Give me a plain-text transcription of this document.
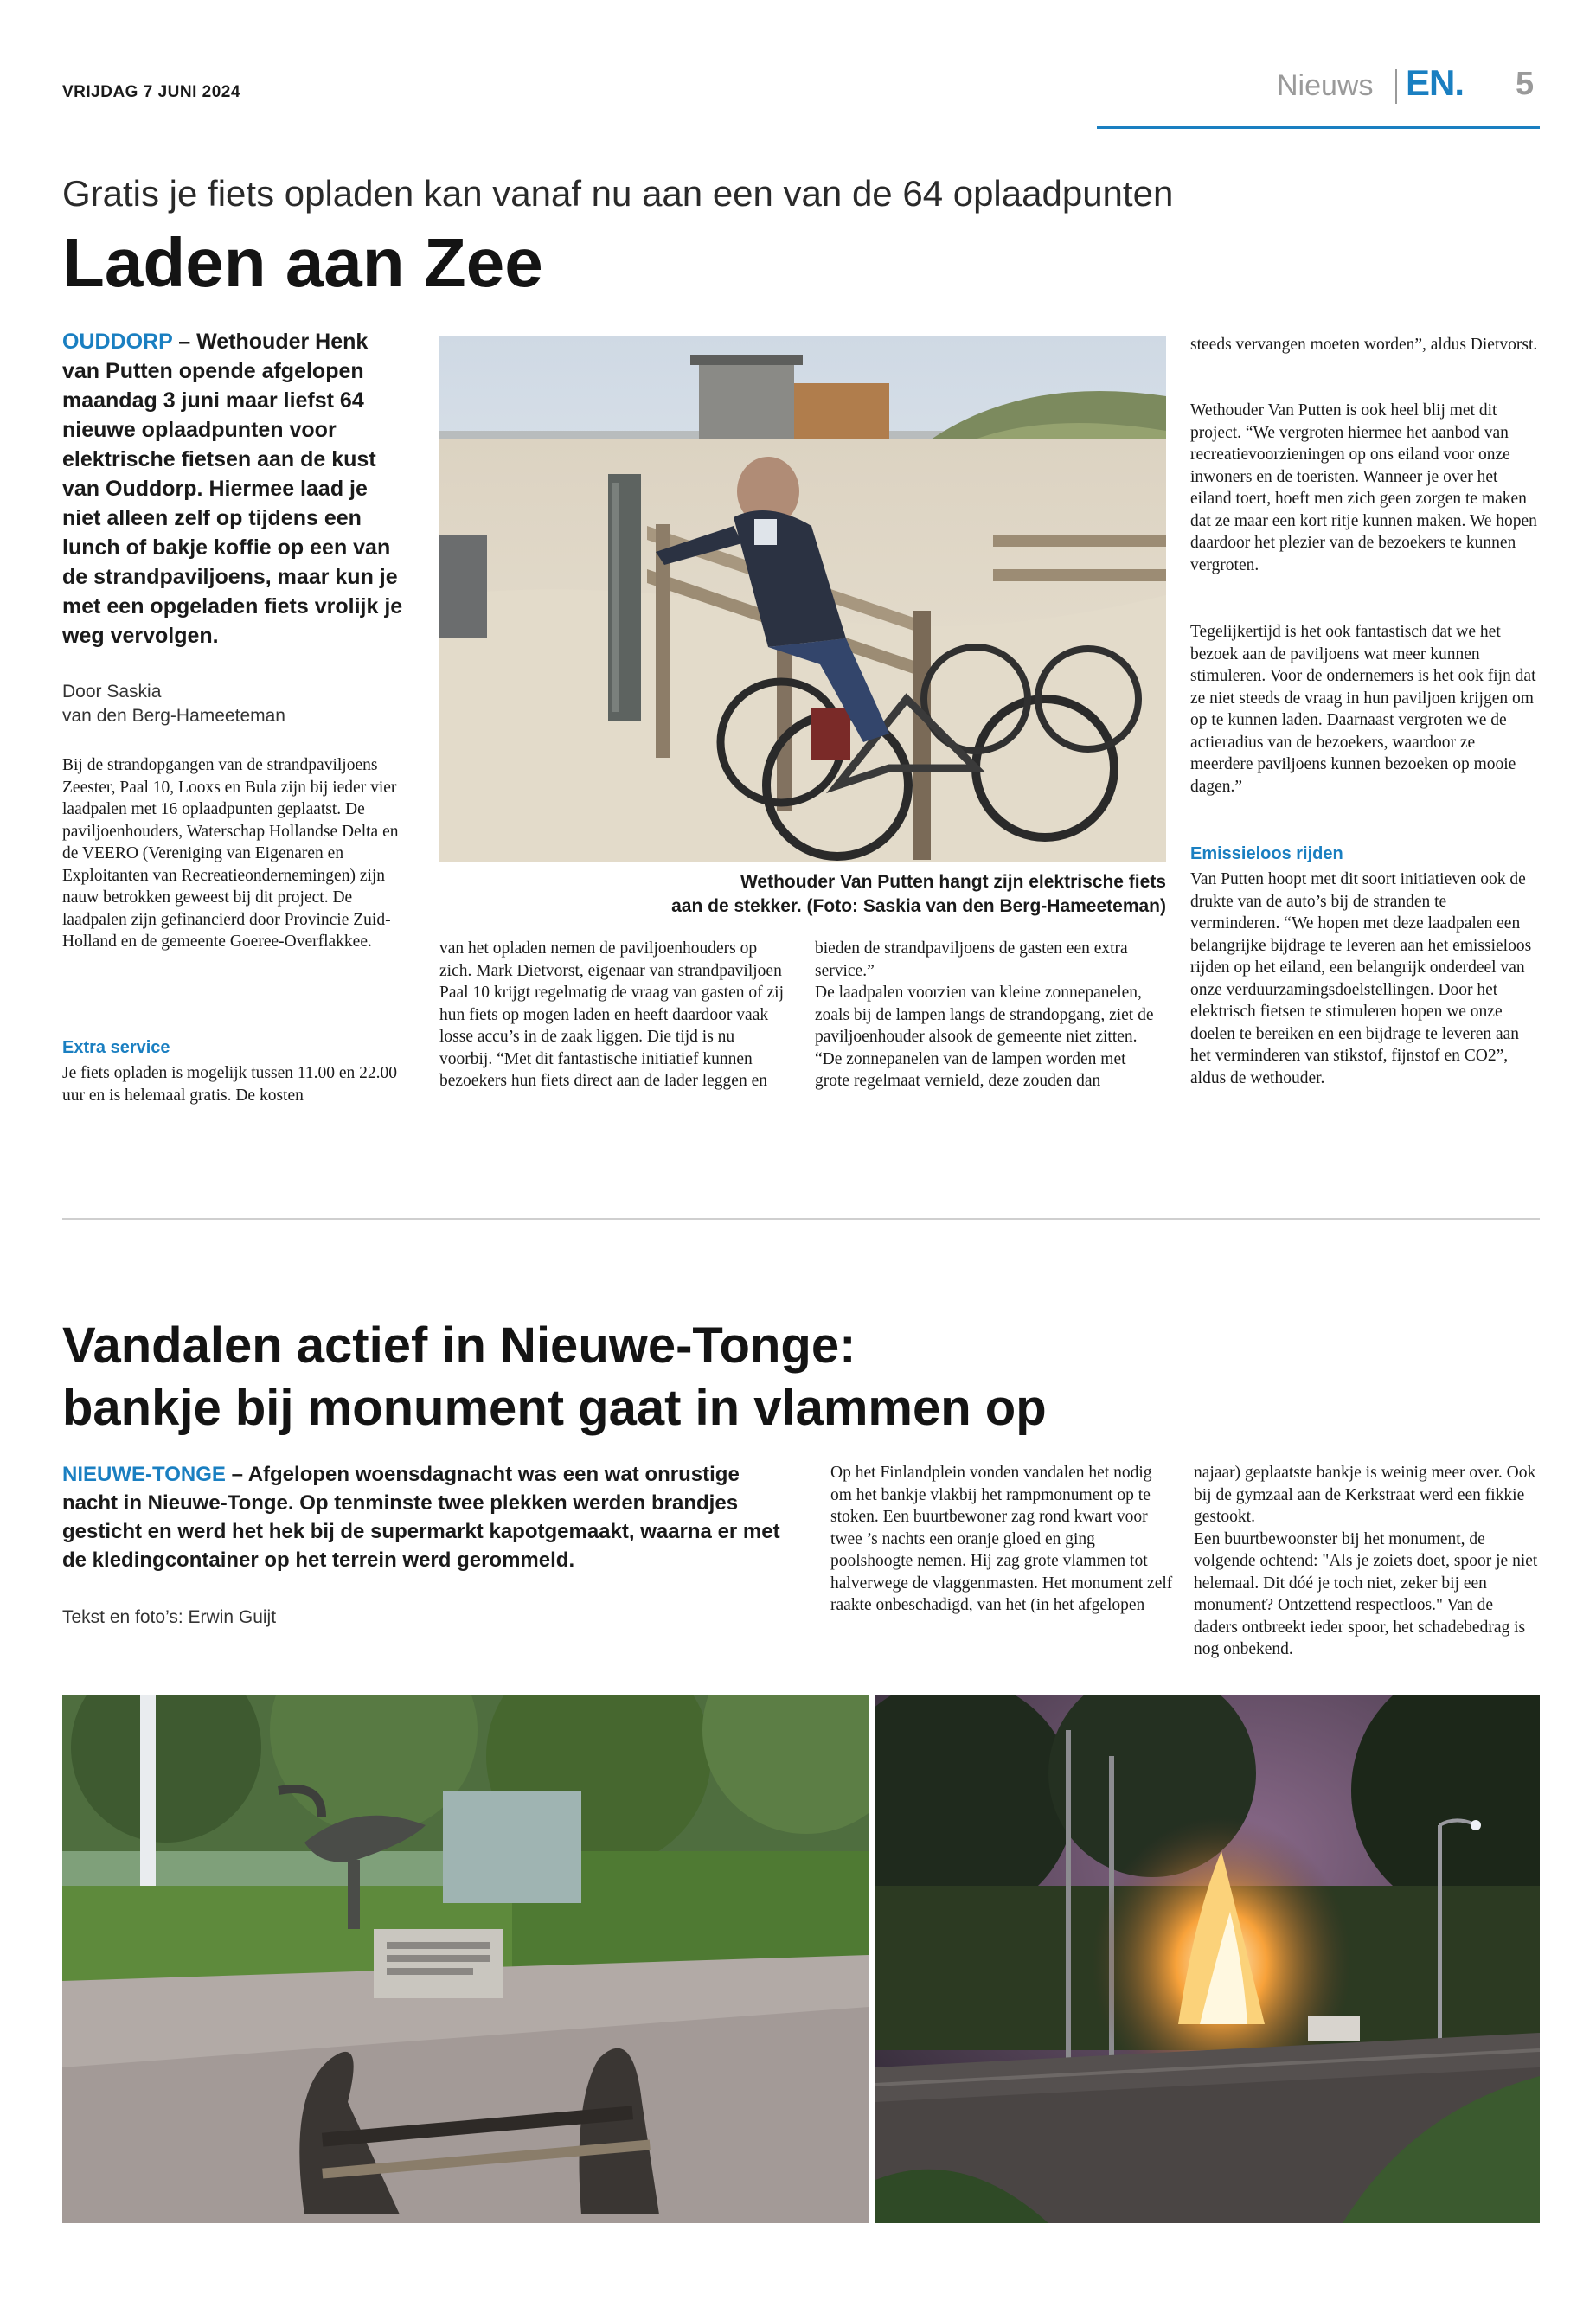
VRIJDAG 7 JUNI 2024	Nieuws EN. 5
Gratis je fiets opladen kan vanaf nu aan een van de 64 oplaadpunten
Laden aan Zee
OUDDORP – Wethouder Henk van Putten opende afgelopen maandag 3 juni maar liefst 64 nieuwe oplaadpunten voor elektrische fietsen aan de kust van Ouddorp. Hiermee laad je niet alleen zelf op tijdens een lunch of bakje koffie op een van de strandpaviljoens, maar kun je met een opgeladen fiets vrolijk je weg vervolgen.
Door Saskia
van den Berg-Hameeteman
Bij de strandopgangen van de strandpaviljoens Zeester, Paal 10, Looxs en Bula zijn bij ieder vier laadpalen met 16 oplaadpunten geplaatst. De paviljoenhouders, Waterschap Hollandse Delta en de VEERO (Vereniging van Eigenaren en Exploitanten van Recreatieondernemingen) zijn nauw betrokken geweest bij dit project. De laadpalen zijn gefinancierd door Provincie Zuid-Holland en de gemeente Goeree-Overflakkee.
Extra service
Je fiets opladen is mogelijk tussen 11.00 en 22.00 uur en is helemaal gratis. De kosten
Wethouder Van Putten hangt zijn elektrische fiets
aan de stekker. (Foto: Saskia van den Berg-Hameeteman)
van het opladen nemen de paviljoenhouders op zich. Mark Dietvorst, eigenaar van strandpaviljoen Paal 10 krijgt regelmatig de vraag van gasten of zij hun fiets op mogen laden en heeft daardoor vaak losse accu’s in de zaak liggen. Die tijd is nu voorbij. “Met dit fantastische initiatief kunnen bezoekers hun fiets direct aan de lader leggen en
bieden de strandpaviljoens de gasten een extra service.”
De laadpalen voorzien van kleine zonnepanelen, zoals bij de lampen langs de strandopgang, ziet de paviljoenhouder alsook de gemeente niet zitten. “De zonnepanelen van de lampen worden met grote regelmaat vernield, deze zouden dan
steeds vervangen moeten worden”, aldus Dietvorst.
Wethouder Van Putten is ook heel blij met dit project. “We vergroten hiermee het aanbod van recreatievoorzieningen op ons eiland voor onze inwoners en de toeristen. Wanneer je over het eiland toert, hoeft men zich geen zorgen te maken dat ze maar een kort ritje kunnen maken. We hopen daardoor het plezier van de bezoekers te kunnen vergroten.
Tegelijkertijd is het ook fantastisch dat we het bezoek aan de paviljoens wat meer kunnen stimuleren. Voor de ondernemers is het ook fijn dat ze niet steeds de vraag in hun paviljoen krijgen om op te kunnen laden. Daarnaast vergroten we de actieradius van de bezoekers, waardoor ze meerdere paviljoens kunnen bezoeken op mooie dagen.”
Emissieloos rijden
Van Putten hoopt met dit soort initiatieven ook de drukte van de auto’s bij de stranden te verminderen. “We hopen met deze laadpalen een belangrijke bijdrage te leveren aan het emissieloos rijden op het eiland, een belangrijk onderdeel van onze verduurzamingsdoelstellingen. Door het elektrisch fietsen te stimuleren hopen we onze doelen te bereiken en een bijdrage te leveren aan het verminderen van stikstof, fijnstof en CO2”, aldus de wethouder.
Vandalen actief in Nieuwe-Tonge:
bankje bij monument gaat in vlammen op
NIEUWE-TONGE – Afgelopen woensdagnacht was een wat onrustige nacht in Nieuwe-Tonge. Op tenminste twee plekken werden brandjes gesticht en werd het hek bij de supermarkt kapotgemaakt, waarna er met de kledingcontainer op het terrein werd gerommeld.
Tekst en foto’s: Erwin Guijt
Op het Finlandplein vonden vandalen het nodig om het bankje vlakbij het rampmonument op te stoken. Een buurtbewoner zag rond kwart voor twee ’s nachts een oranje gloed en ging poolshoogte nemen. Hij zag grote vlammen tot halverwege de vlaggenmasten. Het monument zelf raakte onbeschadigd, van het (in het afgelopen
najaar) geplaatste bankje is weinig meer over. Ook bij de gymzaal aan de Kerkstraat werd een fikkie gestookt.
Een buurtbewoonster bij het monument, de volgende ochtend: "Als je zoiets doet, spoor je niet helemaal. Dit dóé je toch niet, zeker bij een monument? Ontzettend respectloos." Van de daders ontbreekt ieder spoor, het schadebedrag is nog onbekend.
